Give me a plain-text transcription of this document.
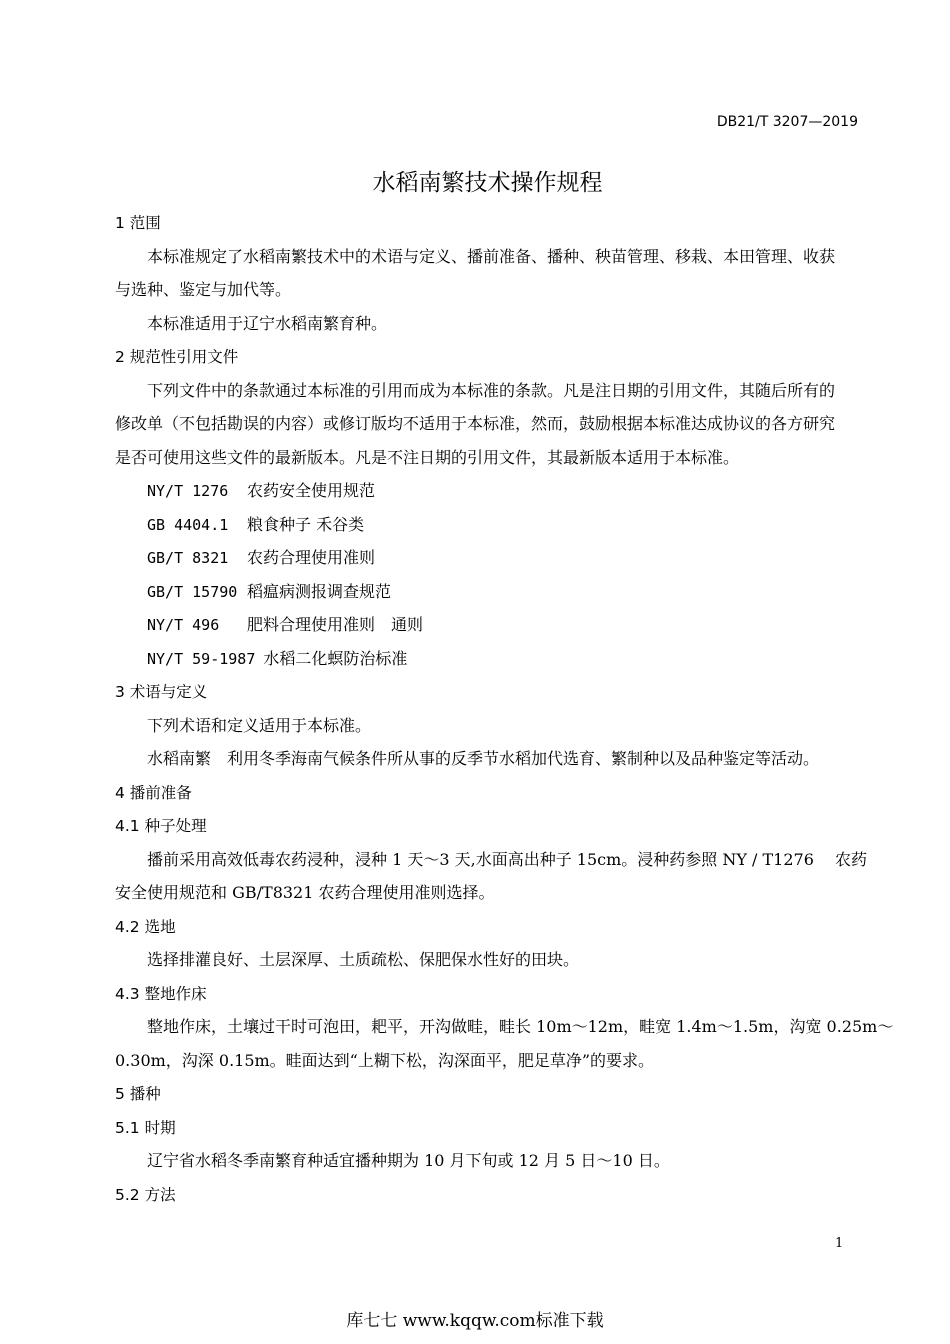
DB21/T 3207—2019
水稻南繁技术操作规程
1 范围
本标准规定了水稻南繁技术中的术语与定义、播前准备、播种、秧苗管理、移栽、本田管理、收获
与选种、鉴定与加代等。
本标准适用于辽宁水稻南繁育种。
2 规范性引用文件
下列文件中的条款通过本标准的引用而成为本标准的条款。凡是注日期的引用文件，其随后所有的
修改单（不包括勘误的内容）或修订版均不适用于本标准，然而，鼓励根据本标准达成协议的各方研究
是否可使用这些文件的最新版本。凡是不注日期的引用文件，其最新版本适用于本标准。
NY/T 1276 农药安全使用规范
GB 4404.1 粮食种子 禾谷类
GB/T 8321 农药合理使用准则
GB/T 15790 稻瘟病测报调查规范
NY/T 496 肥料合理使用准则　通则
NY/T 59-1987 水稻二化螟防治标准
3 术语与定义
下列术语和定义适用于本标准。
水稻南繁　利用冬季海南气候条件所从事的反季节水稻加代选育、繁制种以及品种鉴定等活动。
4 播前准备
4.1 种子处理
播前采用高效低毒农药浸种，浸种 1 天～3 天,水面高出种子 15cm。浸种药参照 NY / T1276　 农药
安全使用规范和 GB/T8321 农药合理使用准则选择。
4.2 选地
选择排灌良好、土层深厚、土质疏松、保肥保水性好的田块。
4.3 整地作床
整地作床，土壤过干时可泡田，耙平，开沟做畦，畦长 10m～12m，畦宽 1.4m～1.5m，沟宽 0.25m～
0.30m，沟深 0.15m。畦面达到“上糊下松，沟深面平，肥足草净”的要求。
5 播种
5.1 时期
辽宁省水稻冬季南繁育种适宜播种期为 10 月下旬或 12 月 5 日～10 日。
5.2 方法
1
库七七 www.kqqw.com标准下载
